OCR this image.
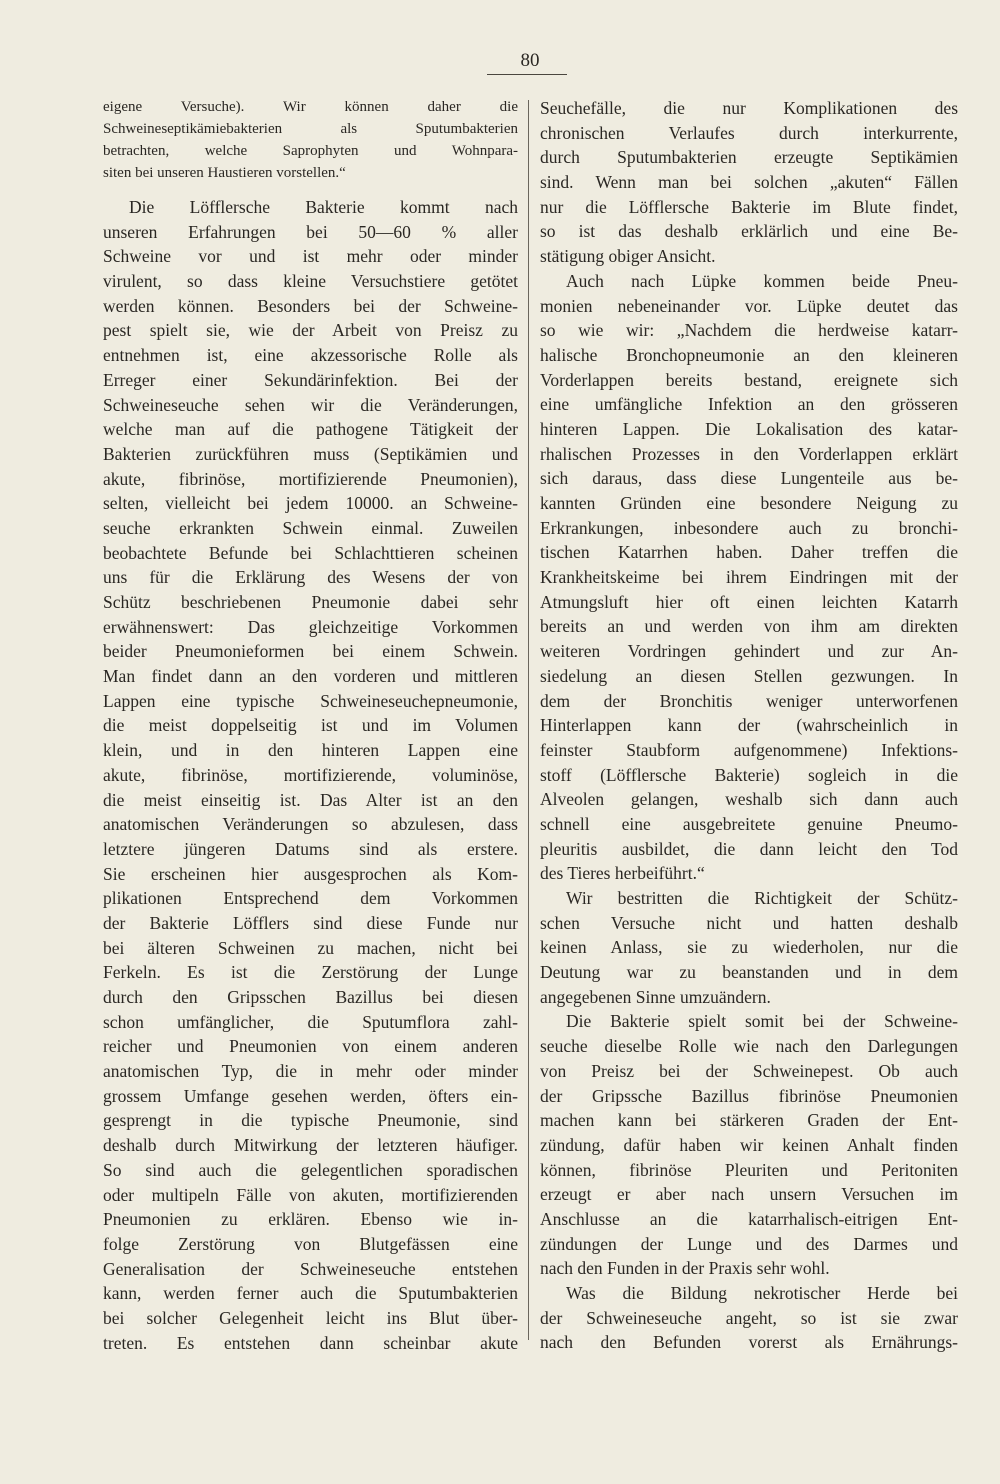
80
eigene Versuche). Wir können daher die
Schweineseptikämiebakterien als Sputumbakterien
betrachten, welche Saprophyten und Wohnpara-
siten bei unseren Haustieren vorstellen.“
Die Löfflersche Bakterie kommt nach
unseren Erfahrungen bei 50—60 % aller
Schweine vor und ist mehr oder minder
virulent, so dass kleine Versuchstiere getötet
werden können. Besonders bei der Schweine-
pest spielt sie, wie der Arbeit von Preisz zu
entnehmen ist, eine akzessorische Rolle als
Erreger einer Sekundärinfektion. Bei der
Schweineseuche sehen wir die Veränderungen,
welche man auf die pathogene Tätigkeit der
Bakterien zurückführen muss (Septikämien und
akute, fibrinöse, mortifizierende Pneumonien),
selten, vielleicht bei jedem 10000. an Schweine-
seuche erkrankten Schwein einmal. Zuweilen
beobachtete Befunde bei Schlachttieren scheinen
uns für die Erklärung des Wesens der von
Schütz beschriebenen Pneumonie dabei sehr
erwähnenswert: Das gleichzeitige Vorkommen
beider Pneumonieformen bei einem Schwein.
Man findet dann an den vorderen und mittleren
Lappen eine typische Schweineseuchepneumonie,
die meist doppelseitig ist und im Volumen
klein, und in den hinteren Lappen eine
akute, fibrinöse, mortifizierende, voluminöse,
die meist einseitig ist. Das Alter ist an den
anatomischen Veränderungen so abzulesen, dass
letztere jüngeren Datums sind als erstere.
Sie erscheinen hier ausgesprochen als Kom-
plikationen Entsprechend dem Vorkommen
der Bakterie Löfflers sind diese Funde nur
bei älteren Schweinen zu machen, nicht bei
Ferkeln. Es ist die Zerstörung der Lunge
durch den Gripsschen Bazillus bei diesen
schon umfänglicher, die Sputumflora zahl-
reicher und Pneumonien von einem anderen
anatomischen Typ, die in mehr oder minder
grossem Umfange gesehen werden, öfters ein-
gesprengt in die typische Pneumonie, sind
deshalb durch Mitwirkung der letzteren häufiger.
So sind auch die gelegentlichen sporadischen
oder multipeln Fälle von akuten, mortifizierenden
Pneumonien zu erklären. Ebenso wie in-
folge Zerstörung von Blutgefässen eine
Generalisation der Schweineseuche entstehen
kann, werden ferner auch die Sputumbakterien
bei solcher Gelegenheit leicht ins Blut über-
treten. Es entstehen dann scheinbar akute
Seuchefälle, die nur Komplikationen des
chronischen Verlaufes durch interkurrente,
durch Sputumbakterien erzeugte Septikämien
sind. Wenn man bei solchen „akuten“ Fällen
nur die Löfflersche Bakterie im Blute findet,
so ist das deshalb erklärlich und eine Be-
stätigung obiger Ansicht.
Auch nach Lüpke kommen beide Pneu-
monien nebeneinander vor. Lüpke deutet das
so wie wir: „Nachdem die herdweise katarr-
halische Bronchopneumonie an den kleineren
Vorderlappen bereits bestand, ereignete sich
eine umfängliche Infektion an den grösseren
hinteren Lappen. Die Lokalisation des katar-
rhalischen Prozesses in den Vorderlappen erklärt
sich daraus, dass diese Lungenteile aus be-
kannten Gründen eine besondere Neigung zu
Erkrankungen, inbesondere auch zu bronchi-
tischen Katarrhen haben. Daher treffen die
Krankheitskeime bei ihrem Eindringen mit der
Atmungsluft hier oft einen leichten Katarrh
bereits an und werden von ihm am direkten
weiteren Vordringen gehindert und zur An-
siedelung an diesen Stellen gezwungen. In
dem der Bronchitis weniger unterworfenen
Hinterlappen kann der (wahrscheinlich in
feinster Staubform aufgenommene) Infektions-
stoff (Löfflersche Bakterie) sogleich in die
Alveolen gelangen, weshalb sich dann auch
schnell eine ausgebreitete genuine Pneumo-
pleuritis ausbildet, die dann leicht den Tod
des Tieres herbeiführt.“
Wir bestritten die Richtigkeit der Schütz-
schen Versuche nicht und hatten deshalb
keinen Anlass, sie zu wiederholen, nur die
Deutung war zu beanstanden und in dem
angegebenen Sinne umzuändern.
Die Bakterie spielt somit bei der Schweine-
seuche dieselbe Rolle wie nach den Darlegungen
von Preisz bei der Schweinepest. Ob auch
der Gripssche Bazillus fibrinöse Pneumonien
machen kann bei stärkeren Graden der Ent-
zündung, dafür haben wir keinen Anhalt finden
können, fibrinöse Pleuriten und Peritoniten
erzeugt er aber nach unsern Versuchen im
Anschlusse an die katarrhalisch-eitrigen Ent-
zündungen der Lunge und des Darmes und
nach den Funden in der Praxis sehr wohl.
Was die Bildung nekrotischer Herde bei
der Schweineseuche angeht, so ist sie zwar
nach den Befunden vorerst als Ernährungs-
